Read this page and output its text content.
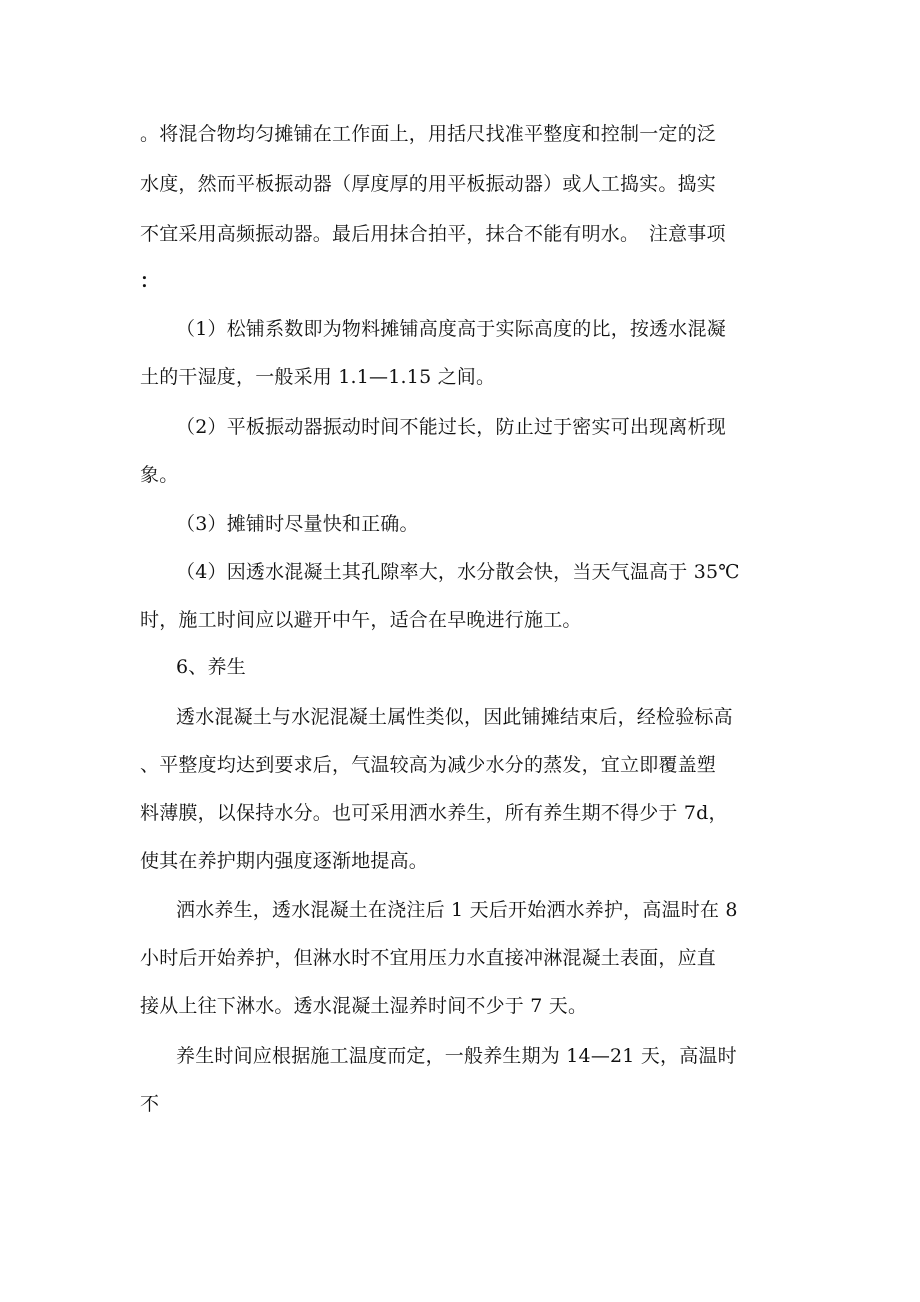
。将混合物均匀摊铺在工作面上，用括尺找准平整度和控制一定的泛
水度，然而平板振动器（厚度厚的用平板振动器）或人工捣实。捣实
不宜采用高频振动器。最后用抹合拍平，抹合不能有明水。　注意事项
：
（1）松铺系数即为物料摊铺高度高于实际高度的比，按透水混凝
土的干湿度，一般采用 1.1—1.15 之间。
（2）平板振动器振动时间不能过长，防止过于密实可出现离析现
象。
（3）摊铺时尽量快和正确。
（4）因透水混凝土其孔隙率大，水分散会快，当天气温高于 35℃
时，施工时间应以避开中午，适合在早晚进行施工。
6、养生
透水混凝土与水泥混凝土属性类似，因此铺摊结束后，经检验标高
、平整度均达到要求后，气温较高为减少水分的蒸发，宜立即覆盖塑
料薄膜，以保持水分。也可采用洒水养生，所有养生期不得少于 7d，
使其在养护期内强度逐渐地提高。
洒水养生，透水混凝土在浇注后 1 天后开始洒水养护，高温时在 8
小时后开始养护，但淋水时不宜用压力水直接冲淋混凝土表面，应直
接从上往下淋水。透水混凝土湿养时间不少于 7 天。
养生时间应根据施工温度而定，一般养生期为 14—21 天，高温时
不
